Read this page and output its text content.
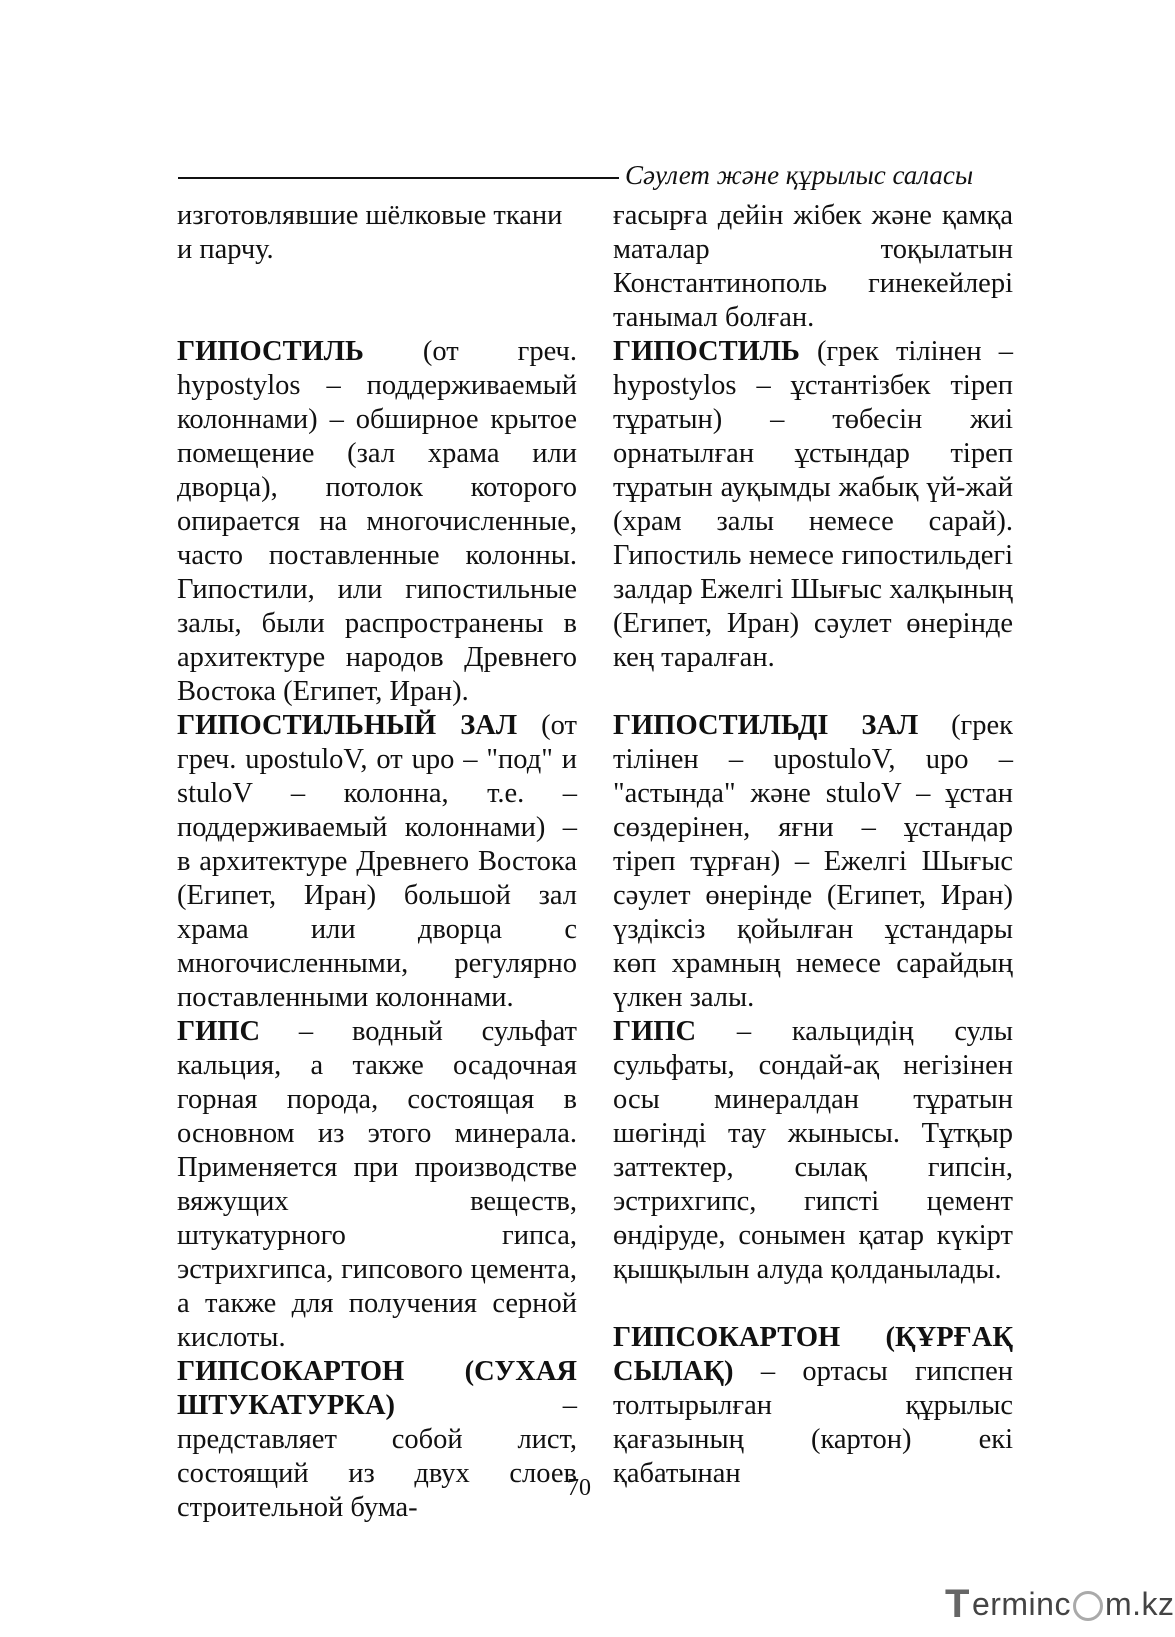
Сәулет және құрылыс саласы

изготовлявшие шёлковые ткани и парчу.

ГИПОСТИЛЬ (от греч. hypostylos – поддерживаемый колоннами) – обширное крытое помещение (зал храма или дворца), потолок которого опирается на многочисленные, часто поставленные колонны. Гипостили, или гипостильные залы, были распространены в архитектуре народов Древнего Востока (Египет, Иран).

ГИПОСТИЛЬНЫЙ ЗАЛ (от греч. upostuloV, от upo – "под" и stuloV – колонна, т.е. – поддерживаемый колоннами) – в архитектуре Древнего Востока (Египет, Иран) большой зал храма или дворца с многочисленными, регулярно поставленными колоннами.

ГИПС – водный сульфат кальция, а также осадочная горная порода, состоящая в основном из этого минерала. Применяется при производстве вяжущих веществ, штукатурного гипса, эстрихгипса, гипсового цемента, а также для получения серной кислоты.

ГИПСОКАРТОН (СУХАЯ ШТУКАТУРКА) – представляет собой лист, состоящий из двух слоев строительной бума-

ғасырға дейін жібек және қамқа маталар тоқылатын Константинополь гинекейлері танымал болған.

ГИПОСТИЛЬ (грек тілінен – hypostylos – ұстантізбек тіреп тұратын) – төбесін жиі орнатылған ұстындар тіреп тұратын ауқымды жабық үй-жай (храм залы немесе сарай). Гипостиль немесе гипостильдегі залдар Ежелгі Шығыс халқының (Египет, Иран) сәулет өнерінде кең таралған.

ГИПОСТИЛЬДІ ЗАЛ (грек тілінен – upostuloV, upo – "астында" және stuloV – ұстан сөздерінен, яғни – ұстандар тіреп тұрған) – Ежелгі Шығыс сәулет өнерінде (Египет, Иран) үздіксіз қойылған ұстандары көп храмның немесе сарайдың үлкен залы.

ГИПС – кальцидің сулы сульфаты, сондай-ақ негізінен осы минералдан тұратын шөгінді тау жынысы. Тұтқыр заттектер, сылақ гипсін, эстрихгипс, гипсті цемент өндіруде, сонымен қатар күкірт қышқылын алуда қолданылады.

ГИПСОКАРТОН (ҚҰРҒАҚ СЫЛАҚ) – ортасы гипспен толтырылған құрылыс қағазының (картон) екі қабатынан

70
T erminc m.kz
